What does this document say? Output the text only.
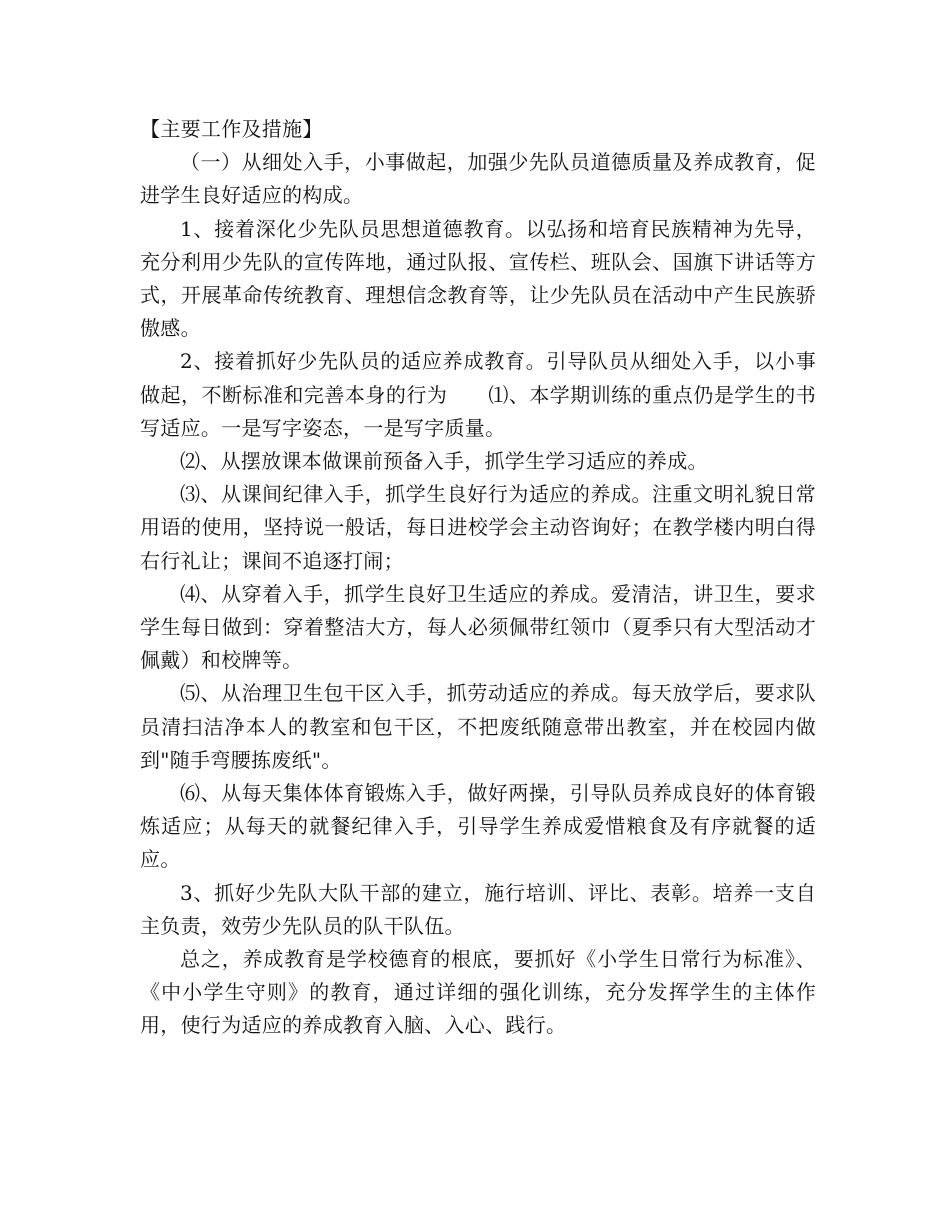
【主要工作及措施】

（一）从细处入手，小事做起，加强少先队员道德质量及养成教育，促进学生良好适应的构成。

1、接着深化少先队员思想道德教育。以弘扬和培育民族精神为先导，充分利用少先队的宣传阵地，通过队报、宣传栏、班队会、国旗下讲话等方式，开展革命传统教育、理想信念教育等，让少先队员在活动中产生民族骄傲感。

2、接着抓好少先队员的适应养成教育。引导队员从细处入手，以小事做起，不断标准和完善本身的行为　　⑴、本学期训练的重点仍是学生的书写适应。一是写字姿态，一是写字质量。

⑵、从摆放课本做课前预备入手，抓学生学习适应的养成。

⑶、从课间纪律入手，抓学生良好行为适应的养成。注重文明礼貌日常用语的使用，坚持说一般话，每日进校学会主动咨询好；在教学楼内明白得右行礼让；课间不追逐打闹；

⑷、从穿着入手，抓学生良好卫生适应的养成。爱清洁，讲卫生，要求学生每日做到：穿着整洁大方，每人必须佩带红领巾（夏季只有大型活动才佩戴）和校牌等。

⑸、从治理卫生包干区入手，抓劳动适应的养成。每天放学后，要求队员清扫洁净本人的教室和包干区，不把废纸随意带出教室，并在校园内做到"随手弯腰拣废纸"。

⑹、从每天集体体育锻炼入手，做好两操，引导队员养成良好的体育锻炼适应；从每天的就餐纪律入手，引导学生养成爱惜粮食及有序就餐的适应。

3、抓好少先队大队干部的建立，施行培训、评比、表彰。培养一支自主负责，效劳少先队员的队干队伍。

总之，养成教育是学校德育的根底，要抓好《小学生日常行为标准》、《中小学生守则》的教育，通过详细的强化训练，充分发挥学生的主体作用，使行为适应的养成教育入脑、入心、践行。
